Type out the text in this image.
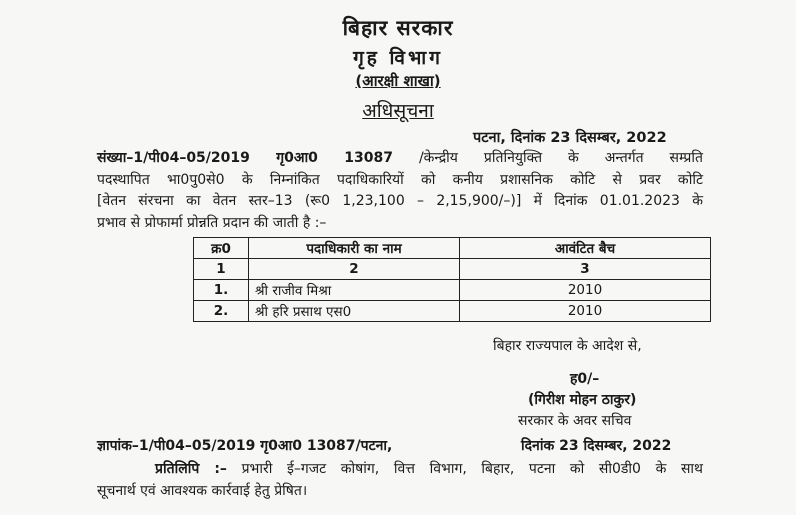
बिहार सरकार
गृह विभाग
(आरक्षी शाखा)
अधिसूचना
पटना, दिनांक 23 दिसम्बर, 2022
संख्या–1/पी04–05/2019 गृ0आ0 13087 /केन्द्रीय प्रतिनियुक्ति के अन्तर्गत सम्प्रति
पदस्थापित भा0पु0से0 के निम्नांकित पदाधिकारियों को कनीय प्रशासनिक कोटि से प्रवर कोटि
[वेतन संरचना का वेतन स्तर–13 (रू0 1,23,100 – 2,15,900/–)] में दिनांक 01.01.2023 के
प्रभाव से प्रोफार्मा प्रोन्नति प्रदान की जाती है :–
क्र0	पदाधिकारी का नाम	आवंटित बैच
1	2	3
1.	श्री राजीव मिश्रा	2010
2.	श्री हरि प्रसाथ एस0	2010
बिहार राज्यपाल के आदेश से,
ह0/–
(गिरीश मोहन ठाकुर)
सरकार के अवर सचिव
ज्ञापांक–1/पी04–05/2019 गृ0आ0 13087/पटना,	दिनांक 23 दिसम्बर, 2022
प्रतिलिपि :– प्रभारी ई–गजट कोषांग, वित्त विभाग, बिहार, पटना को सी0डी0 के साथ
सूचनार्थ एवं आवश्यक कार्रवाई हेतु प्रेषित।
